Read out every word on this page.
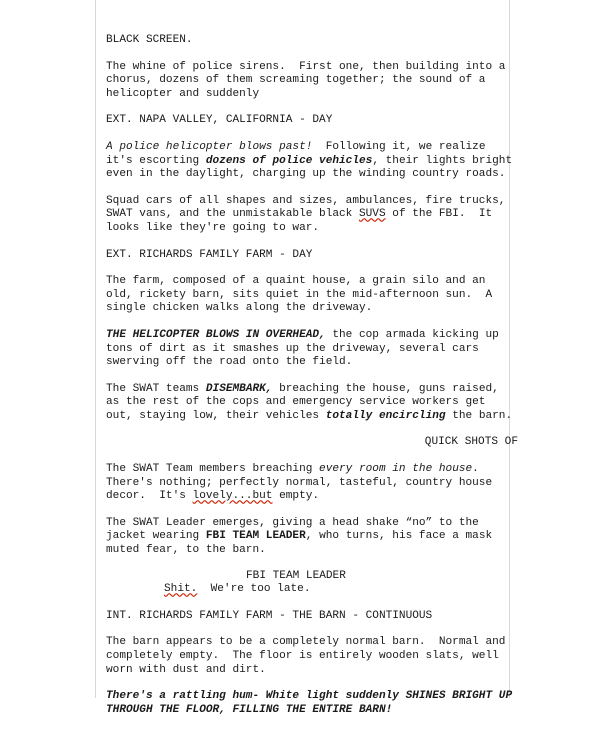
BLACK SCREEN.

The whine of police sirens.  First one, then building into a
chorus, dozens of them screaming together; the sound of a
helicopter and suddenly

EXT. NAPA VALLEY, CALIFORNIA - DAY

A police helicopter blows past!  Following it, we realize
it's escorting dozens of police vehicles, their lights bright
even in the daylight, charging up the winding country roads.

Squad cars of all shapes and sizes, ambulances, fire trucks,
SWAT vans, and the unmistakable black SUVS of the FBI.  It
looks like they're going to war.

EXT. RICHARDS FAMILY FARM - DAY

The farm, composed of a quaint house, a grain silo and an
old, rickety barn, sits quiet in the mid-afternoon sun.  A
single chicken walks along the driveway.

THE HELICOPTER BLOWS IN OVERHEAD, the cop armada kicking up
tons of dirt as it smashes up the driveway, several cars
swerving off the road onto the field.

The SWAT teams DISEMBARK, breaching the house, guns raised,
as the rest of the cops and emergency service workers get
out, staying low, their vehicles totally encircling the barn.

QUICK SHOTS OF

The SWAT Team members breaching every room in the house.
There's nothing; perfectly normal, tasteful, country house
decor.  It's lovely...but empty.

The SWAT Leader emerges, giving a head shake “no” to the
jacket wearing FBI TEAM LEADER, who turns, his face a mask
muted fear, to the barn.

FBI TEAM LEADER

Shit.  We're too late.

INT. RICHARDS FAMILY FARM - THE BARN - CONTINUOUS

The barn appears to be a completely normal barn.  Normal and
completely empty.  The floor is entirely wooden slats, well
worn with dust and dirt.

There's a rattling hum- White light suddenly SHINES BRIGHT UP
THROUGH THE FLOOR, FILLING THE ENTIRE BARN!
